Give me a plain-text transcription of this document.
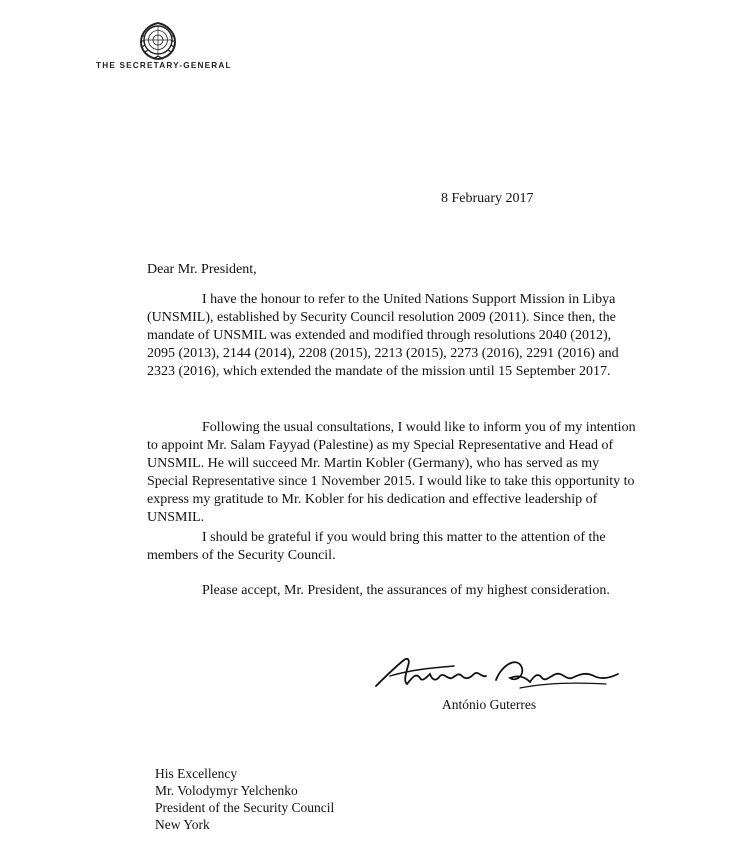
THE SECRETARY-GENERAL
8 February 2017
Dear Mr. President,

I have the honour to refer to the United Nations Support Mission in Libya (UNSMIL), established by Security Council resolution 2009 (2011). Since then, the mandate of UNSMIL was extended and modified through resolutions 2040 (2012), 2095 (2013), 2144 (2014), 2208 (2015), 2213 (2015), 2273 (2016), 2291 (2016) and 2323 (2016), which extended the mandate of the mission until 15 September 2017.

Following the usual consultations, I would like to inform you of my intention to appoint Mr. Salam Fayyad (Palestine) as my Special Representative and Head of UNSMIL. He will succeed Mr. Martin Kobler (Germany), who has served as my Special Representative since 1 November 2015. I would like to take this opportunity to express my gratitude to Mr. Kobler for his dedication and effective leadership of UNSMIL.

I should be grateful if you would bring this matter to the attention of the members of the Security Council.

Please accept, Mr. President, the assurances of my highest consideration.

António Guterres
His Excellency
Mr. Volodymyr Yelchenko
President of the Security Council
New York
